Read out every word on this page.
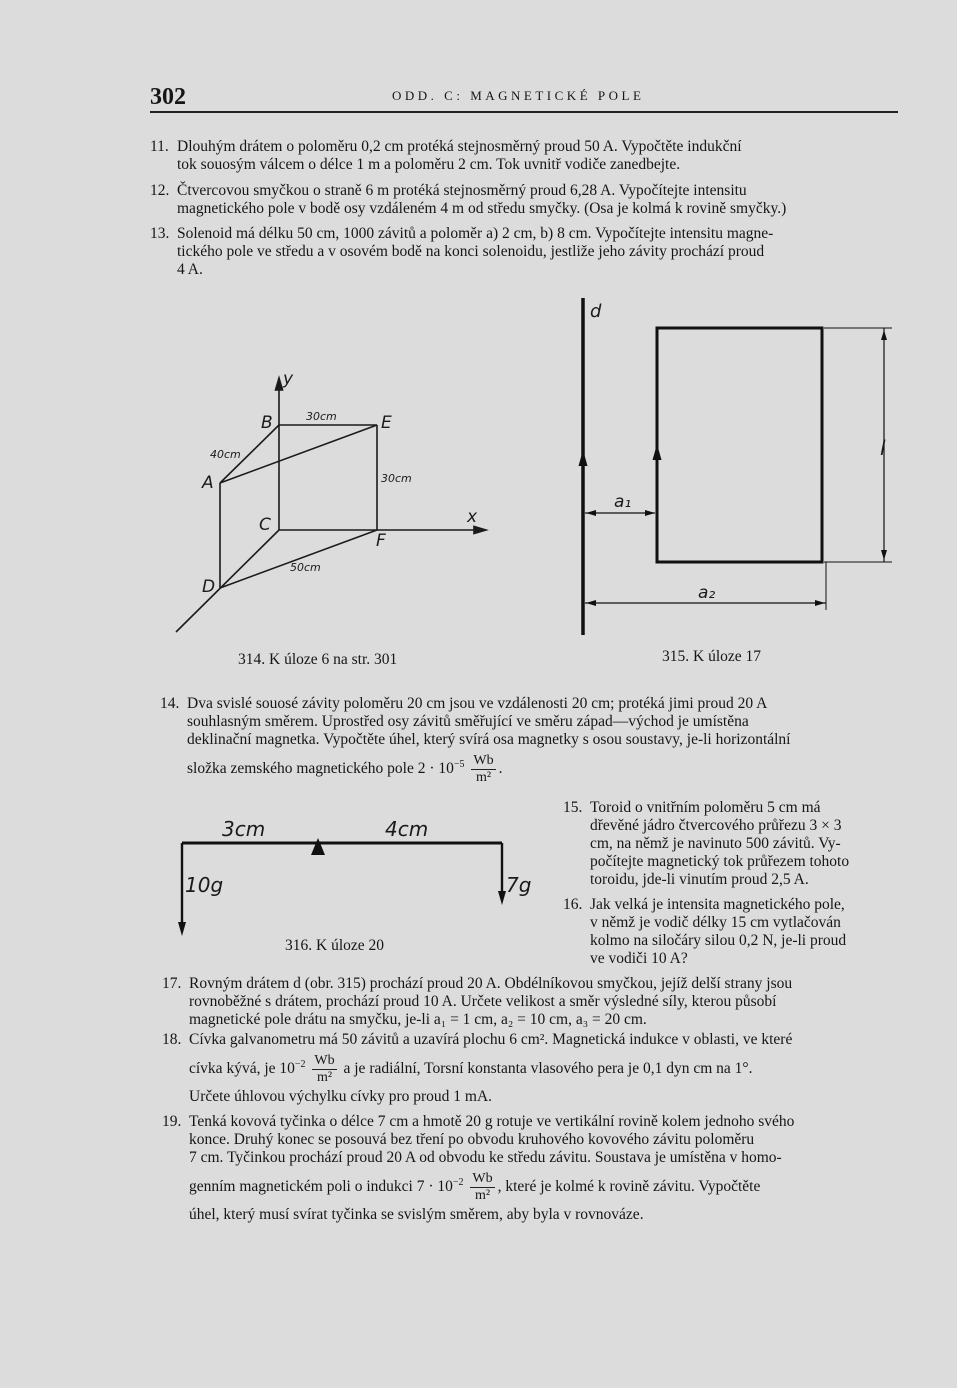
302	ODD. C: MAGNETICKÉ POLE
11. Dlouhým drátem o poloměru 0,2 cm protéká stejnosměrný proud 50 A. Vypočtěte indukční
tok souosým válcem o délce 1 m a poloměru 2 cm. Tok uvnitř vodiče zanedbejte.
12. Čtvercovou smyčkou o straně 6 m protéká stejnosměrný proud 6,28 A. Vypočítejte intensitu
magnetického pole v bodě osy vzdáleném 4 m od středu smyčky. (Osa je kolmá k rovině smyčky.)
13. Solenoid má délku 50 cm, 1000 závitů a poloměr a) 2 cm, b) 8 cm. Vypočítejte intensitu magne-
tického pole ve středu a v osovém bodě na konci solenoidu, jestliže jeho závity prochází proud
4 A.
y
B	30cm	E
40cm
A	30cm
C	x
F
50cm
D
314. K úloze 6 na str. 301
d
l
a₁
a₂
315. K úloze 17
14. Dva svislé souosé závity poloměru 20 cm jsou ve vzdálenosti 20 cm; protéká jimi proud 20 A
souhlasným směrem. Uprostřed osy závitů směřující ve směru západ—východ je umístěna
deklinační magnetka. Vypočtěte úhel, který svírá osa magnetky s osou soustavy, je-li horizontální
složka zemského magnetického pole $2 \cdot 10^{-5} \frac{Wb}{\text{m²}}$ .
3cm	4cm
10g	7g
316. K úloze 20
15. Toroid o vnitřním poloměru 5 cm má
dřevěné jádro čtvercového průřezu 3 × 3
cm, na němž je navinuto 500 závitů. Vy-
počítejte magnetický tok průřezem tohoto
toroidu, jde-li vinutím proud 2,5 A.
16. Jak velká je intensita magnetického pole,
v němž je vodič délky 15 cm vytlačován
kolmo na siločáry silou 0,2 N, je-li proud
ve vodiči 10 A?
17. Rovným drátem d (obr. 315) prochází proud 20 A. Obdélníkovou smyčkou, jejíž delší strany jsou
rovnoběžné s drátem, prochází proud 10 A. Určete velikost a směr výsledné síly, kterou působí
magnetické pole drátu na smyčku, je-li a₁ = 1 cm, a₂ = 10 cm, a₃ = 20 cm.
18. Cívka galvanometru má 50 závitů a uzavírá plochu 6 cm². Magnetická indukce v oblasti, ve které
cívka kývá, je $10^{-2} \frac{Wb}{\text{m²}}$ a je radiální, Torsní konstanta vlasového pera je 0,1 dyn cm na 1°.
Určete úhlovou výchylku cívky pro proud 1 mA.
19. Tenká kovová tyčinka o délce 7 cm a hmotě 20 g rotuje ve vertikální rovině kolem jednoho svého
konce. Druhý konec se posouvá bez tření po obvodu kruhového kovového závitu poloměru
7 cm. Tyčinkou prochází proud 20 A od obvodu ke středu závitu. Soustava je umístěna v homo-
genním magnetickém poli o indukci $7 \cdot 10^{-2} \frac{Wb}{\text{m²}}$ , které je kolmé k rovině závitu. Vypočtěte
úhel, který musí svírat tyčinka se svislým směrem, aby byla v rovnováze.
